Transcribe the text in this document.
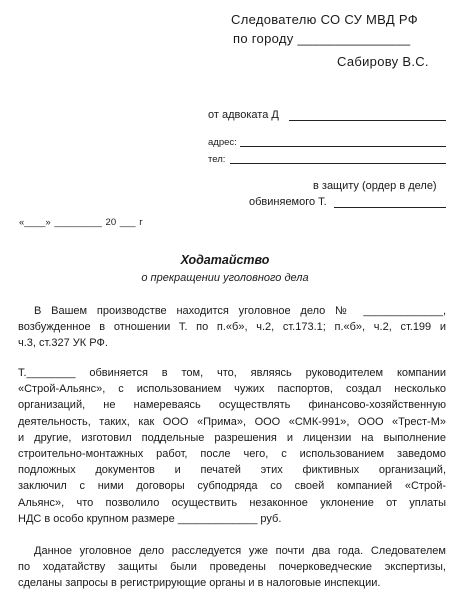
Следователю СО СУ МВД РФ
по городу _______________
Сабирову В.С.
от адвоката Д
адрес:
тел:
в защиту (ордер в деле)
обвиняемого Т.
«____» _________ 20 ___ г
Ходатайство
о прекращении уголовного дела
В Вашем производстве находится уголовное дело № _____________,
возбужденное в отношении Т. по п.«б», ч.2, ст.173.1; п.«б», ч.2, ст.199 и
ч.3, ст.327 УК РФ.
Т.________ обвиняется в том, что, являясь руководителем компании
«Строй-Альянс», с использованием чужих паспортов, создал несколько
организаций, не намереваясь осуществлять финансово-хозяйственную
деятельность, таких, как ООО «Прима», ООО «СМК-991», ООО «Трест-М»
и другие, изготовил поддельные разрешения и лицензии на выполнение
строительно-монтажных работ, после чего, с использованием заведомо
подложных документов и печатей этих фиктивных организаций,
заключил с ними договоры субподряда со своей компанией «Строй-
Альянс», что позволило осуществить незаконное уклонение от уплаты
НДС в особо крупном размере _____________ руб.
Данное уголовное дело расследуется уже почти два года. Следователем
по ходатайству защиты были проведены почерковедческие экспертизы,
сделаны запросы в регистрирующие органы и в налоговые инспекции.
